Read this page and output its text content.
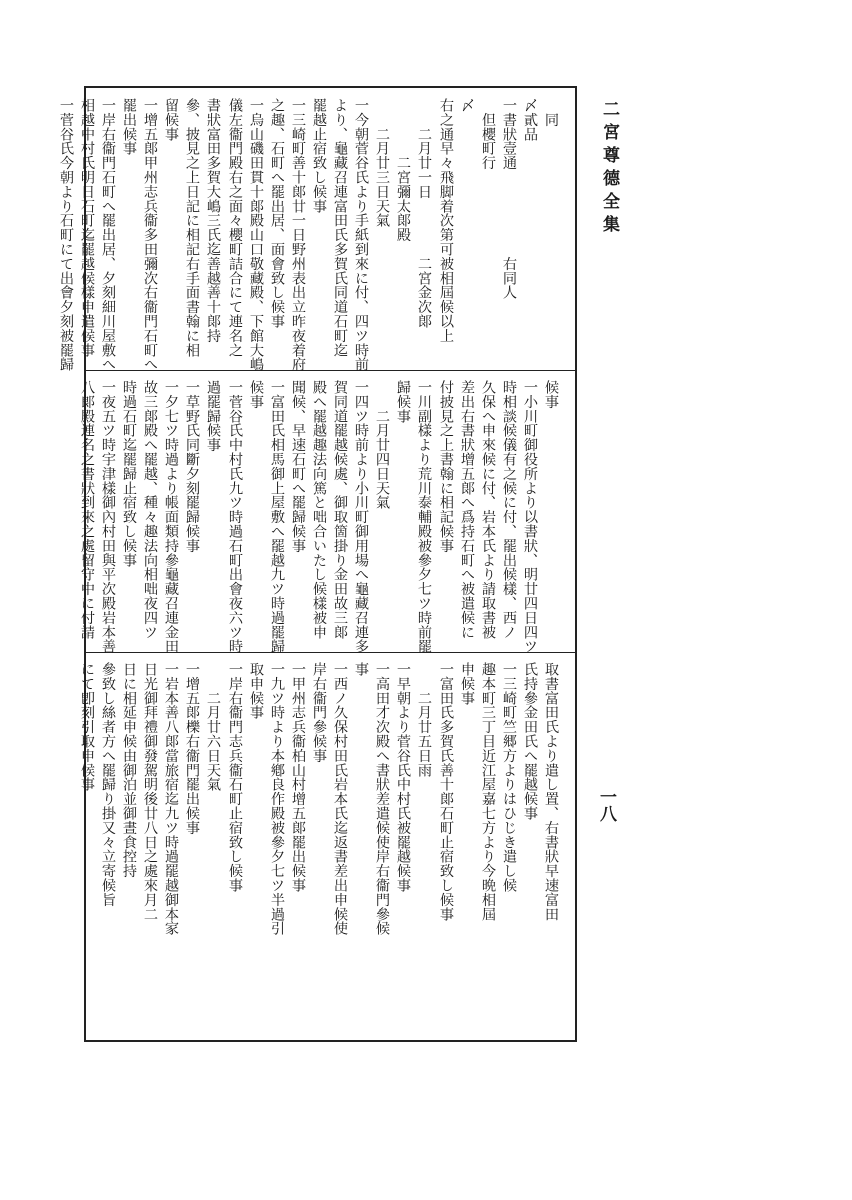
二宮尊德全集
一八
　同
〆貳品
一書狀壹通　　　　　　右同人
　但櫻町行
〆
右之通早々飛脚着次第可被相屆候以上
　　二月廿一日　　　　二宮金次郞
　　　　二宮彌太郞殿
　　二月廿三日天氣
一今朝菅谷氏より手紙到來に付、四ツ時前
より、龜藏召連富田氏多賀氏同道石町迄
罷越止宿致し候事
一三崎町善十郞廿一日野州表出立昨夜着府
之趣、石町へ罷出居、面會致し候事
一烏山磯田貫十郞殿山口敬藏殿、下館大嶋
儀左衞門殿右之面々櫻町詰合にて連名之
書狀富田多賀大嶋三氏迄善越善十郞持
參、披見之上日記に相記右手面書翰に相
留候事
一增五郞甲州志兵衞多田彌次右衞門石町へ
罷出候事
一岸右衞門石町へ罷出居、夕刻細川屋敷へ
相越中村氏明日石町迄罷越候樣申遣候事
一菅谷氏今朝より石町にて出會夕刻被罷歸
候事
一小川町御役所より以書狀、明廿四日四ツ
時相談候儀有之候に付、罷出候樣、西ノ
久保へ申來候に付、岩本氏より請取書被
差出右書狀增五郞へ爲持石町へ被遣候に
付披見之上書翰に相記候事
一川副樣より荒川泰輔殿被參夕七ツ時前罷
歸候事
　　二月廿四日天氣
一四ツ時前より小川町御用場へ龜藏召連多
賀同道罷越候處、御取箇掛り金田故三郞
殿へ罷越趣法向篤と咄合いたし候樣被申
聞候、早速石町へ罷歸候事
一富田氏相馬御上屋敷へ罷越九ツ時過罷歸
候事
一菅谷氏中村氏九ツ時過石町出會夜六ツ時
過罷歸候事
一草野氏同斷夕刻罷歸候事
一夕七ツ時過より帳面類持參龜藏召連金田
故三郞殿へ罷越、種々趣法向相咄夜四ツ
時過石町迄罷歸止宿致し候事
一夜五ツ時宇津樣御內村田與平次殿岩本善
八郞殿連名之書狀到來之處留守中に付請
取書富田氏より遣し置、右書狀早速富田
氏持參金田氏へ罷越候事
一三崎町竺郷方よりはひじき遣し候
趣本町三丁目近江屋嘉七方より今晩相屆
申候事
一富田氏多賀氏善十郞石町止宿致し候事
　　二月廿五日雨
一早朝より菅谷氏中村氏被罷越候事
一高田才次殿へ書狀差遣候使岸右衞門參候
事
一西ノ久保村田氏岩本氏迄返書差出申候使
岸右衞門參候事
一甲州志兵衞柏山村增五郞罷出候事
一九ツ時より本鄕良作殿被參夕七ツ半過引
取申候事
一岸右衞門志兵衞石町止宿致し候事
　　二月廿六日天氣
一增五郞櫟右衞門罷出候事
一岩本善八郞當旅宿迄九ツ時過罷越御本家
日光御拜禮御發駕明後廿八日之處來月二
日に相延申候由御泊並御晝食控持
參致し絲者方へ罷歸り掛又々立寄候旨
にて卽刻引取申候事
